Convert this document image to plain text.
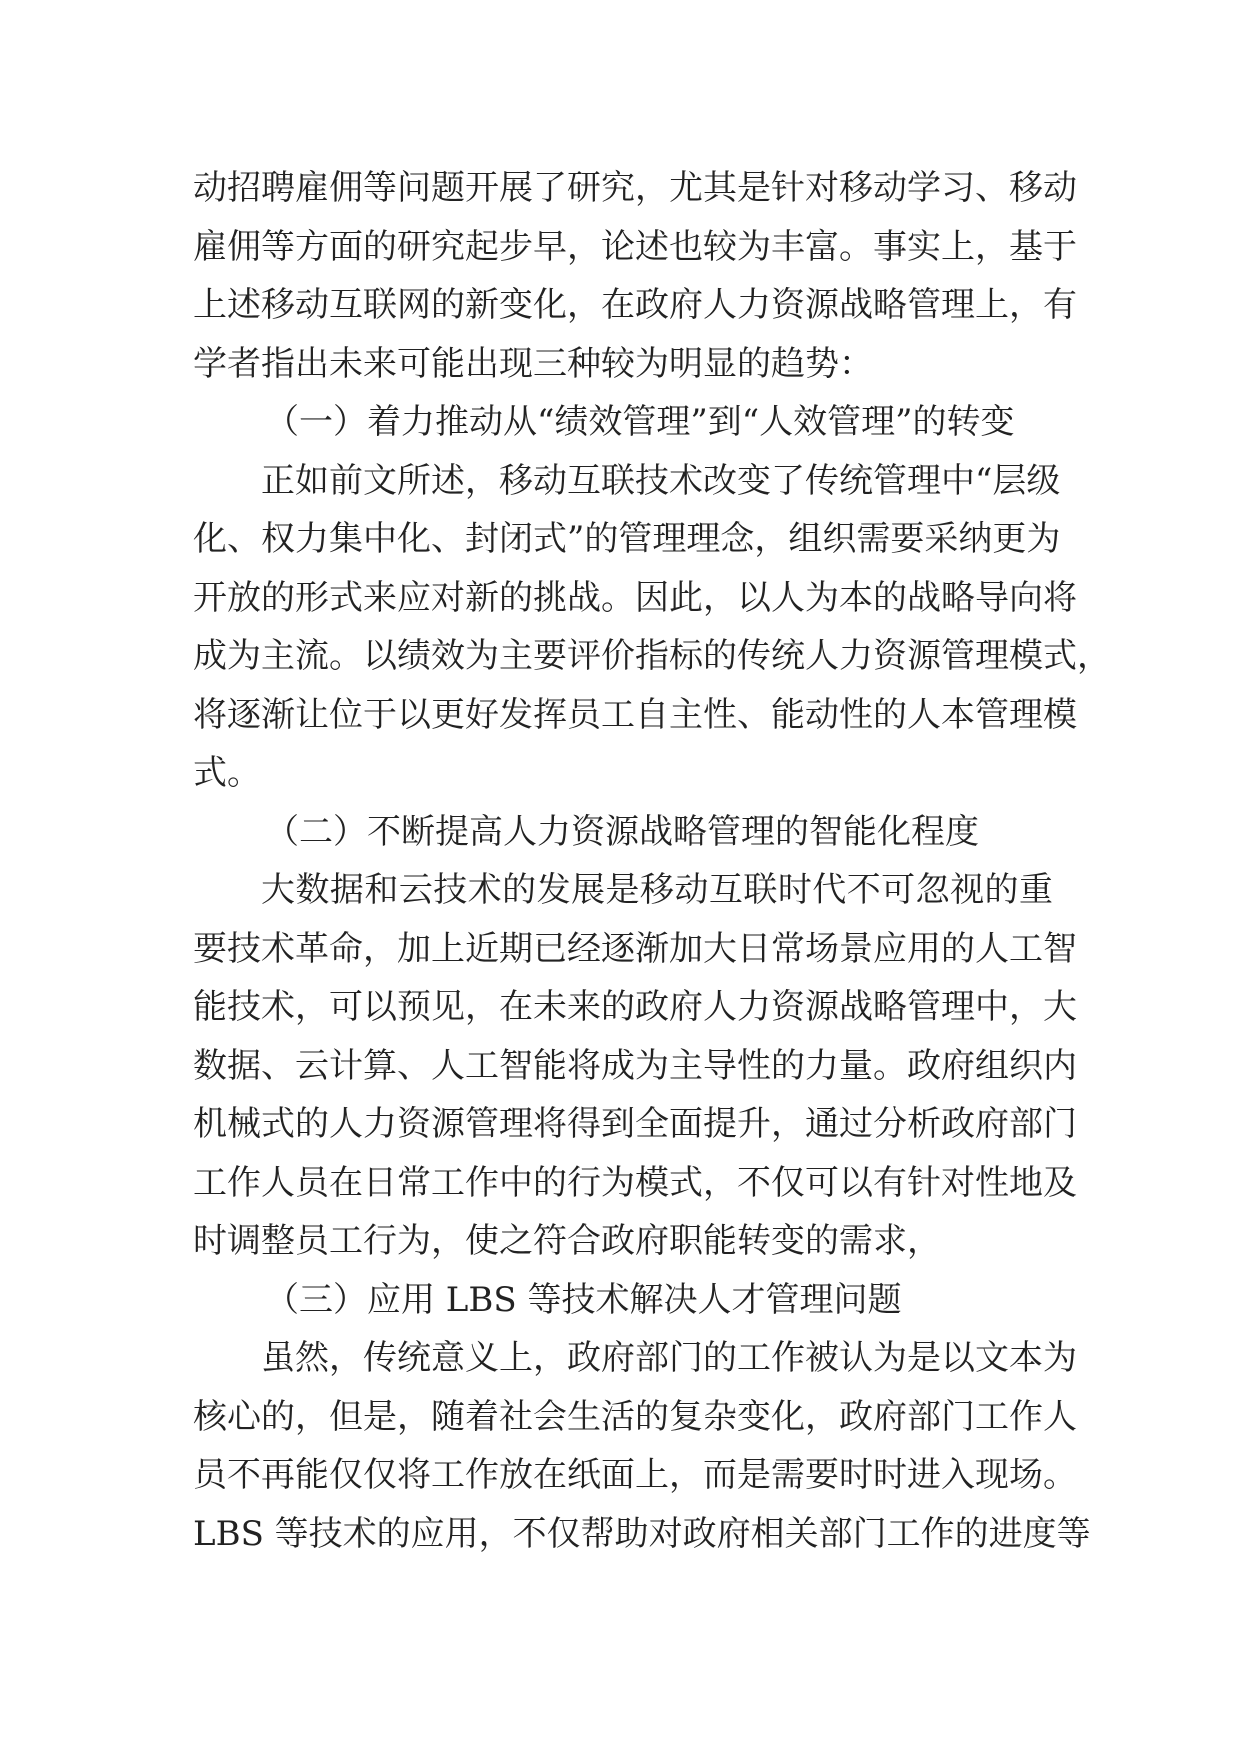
动招聘雇佣等问题开展了研究，尤其是针对移动学习、移动
雇佣等方面的研究起步早，论述也较为丰富。事实上，基于
上述移动互联网的新变化，在政府人力资源战略管理上，有
学者指出未来可能出现三种较为明显的趋势：
（一）着力推动从“绩效管理”到“人效管理”的转变
正如前文所述，移动互联技术改变了传统管理中“层级
化、权力集中化、封闭式”的管理理念，组织需要采纳更为
开放的形式来应对新的挑战。因此，以人为本的战略导向将
成为主流。以绩效为主要评价指标的传统人力资源管理模式，
将逐渐让位于以更好发挥员工自主性、能动性的人本管理模
式。
（二）不断提高人力资源战略管理的智能化程度
大数据和云技术的发展是移动互联时代不可忽视的重
要技术革命，加上近期已经逐渐加大日常场景应用的人工智
能技术，可以预见，在未来的政府人力资源战略管理中，大
数据、云计算、人工智能将成为主导性的力量。政府组织内
机械式的人力资源管理将得到全面提升，通过分析政府部门
工作人员在日常工作中的行为模式，不仅可以有针对性地及
时调整员工行为，使之符合政府职能转变的需求，
（三）应用 LBS 等技术解决人才管理问题
虽然，传统意义上，政府部门的工作被认为是以文本为
核心的，但是，随着社会生活的复杂变化，政府部门工作人
员不再能仅仅将工作放在纸面上，而是需要时时进入现场。
LBS 等技术的应用，不仅帮助对政府相关部门工作的进度等
